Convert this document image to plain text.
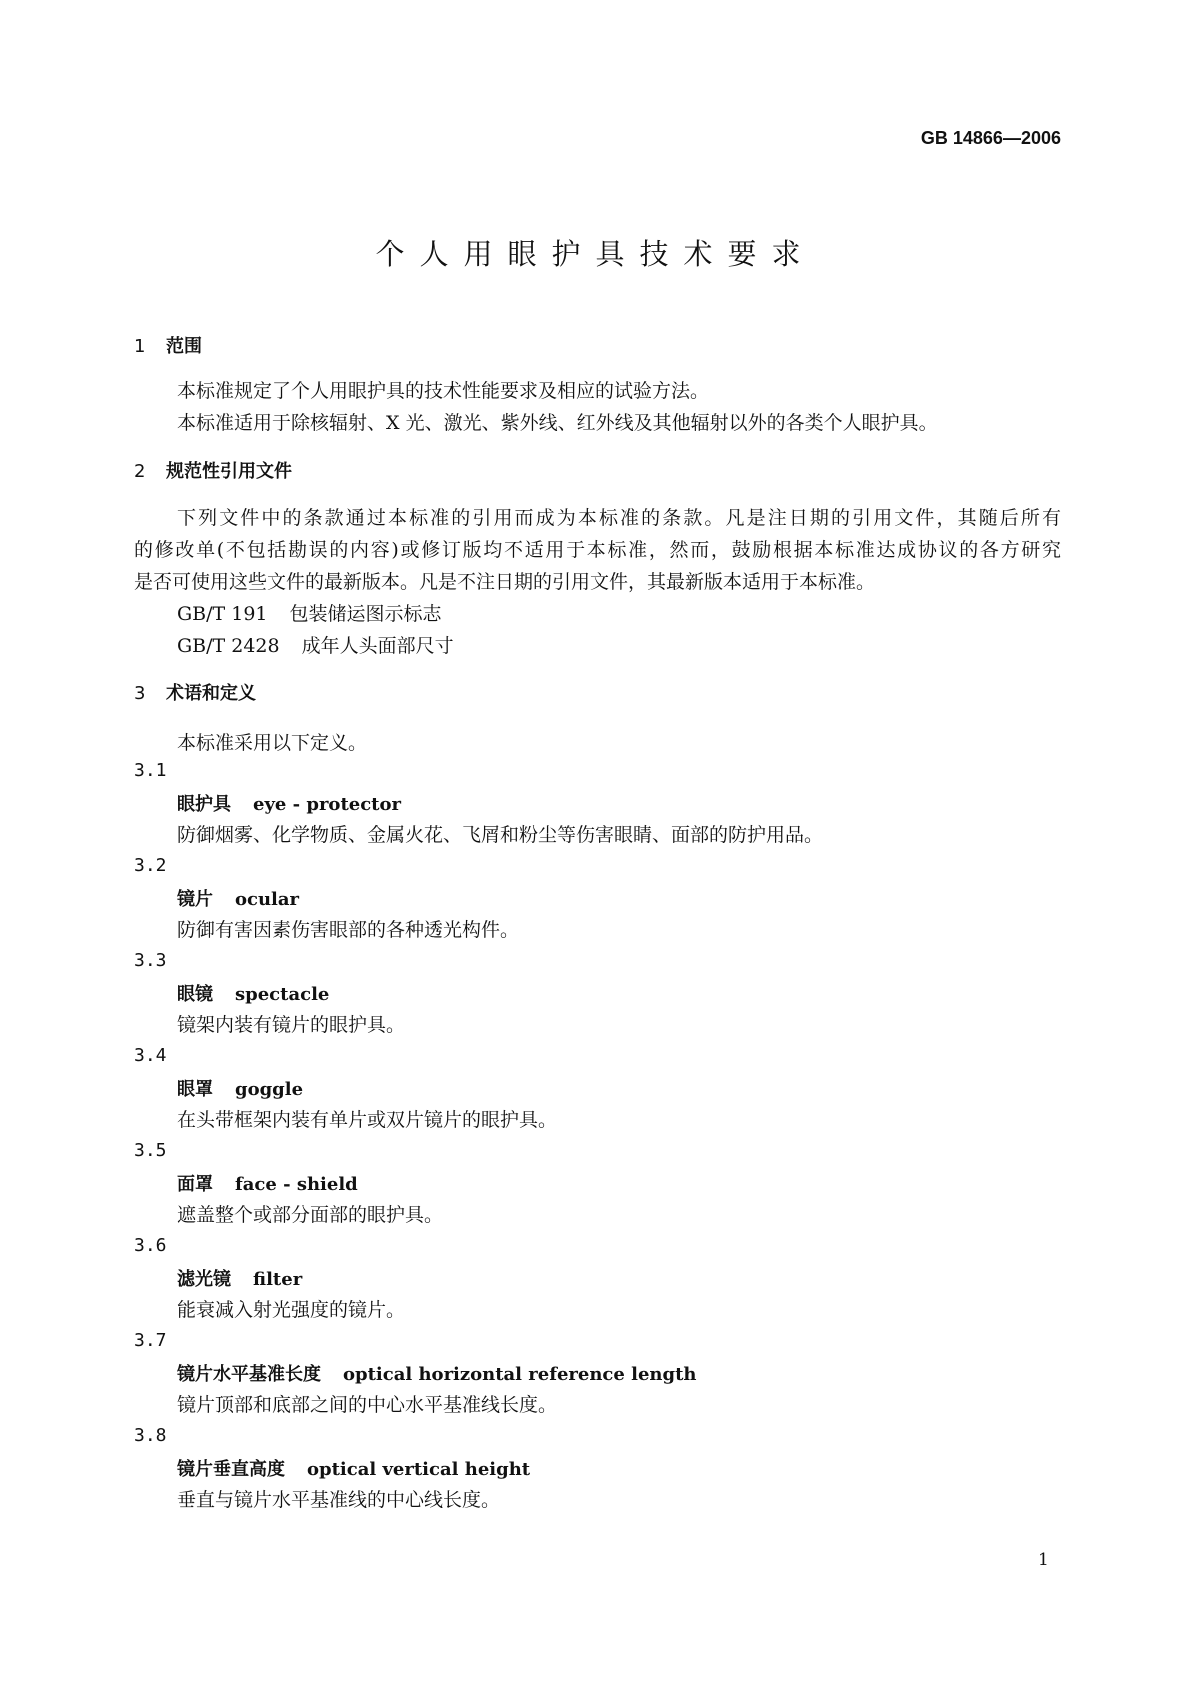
GB 14866—2006
个人用眼护具技术要求
1 范围
本标准规定了个人用眼护具的技术性能要求及相应的试验方法。
本标准适用于除核辐射、X 光、激光、紫外线、红外线及其他辐射以外的各类个人眼护具。
2 规范性引用文件
下列文件中的条款通过本标准的引用而成为本标准的条款。凡是注日期的引用文件，其随后所有
的修改单(不包括勘误的内容)或修订版均不适用于本标准，然而，鼓励根据本标准达成协议的各方研究
是否可使用这些文件的最新版本。凡是不注日期的引用文件，其最新版本适用于本标准。
GB/T 191 包装储运图示标志
GB/T 2428 成年人头面部尺寸
3 术语和定义
本标准采用以下定义。
3.1
眼护具 eye - protector
防御烟雾、化学物质、金属火花、飞屑和粉尘等伤害眼睛、面部的防护用品。
3.2
镜片 ocular
防御有害因素伤害眼部的各种透光构件。
3.3
眼镜 spectacle
镜架内装有镜片的眼护具。
3.4
眼罩 goggle
在头带框架内装有单片或双片镜片的眼护具。
3.5
面罩 face - shield
遮盖整个或部分面部的眼护具。
3.6
滤光镜 filter
能衰减入射光强度的镜片。
3.7
镜片水平基准长度 optical horizontal reference length
镜片顶部和底部之间的中心水平基准线长度。
3.8
镜片垂直高度 optical vertical height
垂直与镜片水平基准线的中心线长度。
1
